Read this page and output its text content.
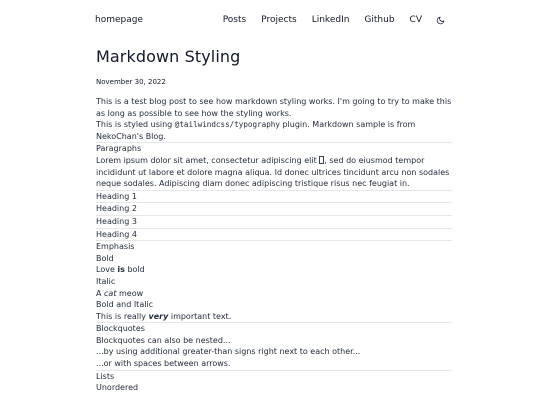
homepage	Posts Projects LinkedIn Github CV
Markdown Styling
November 30, 2022
This is a test blog post to see how markdown styling works. I'm going to try to make this as long as possible to see how the styling works.
This is styled using @tailwindcss/typography plugin. Markdown sample is from NekoChan's Blog.
Paragraphs
Lorem ipsum dolor sit amet, consectetur adipiscing elit , sed do eiusmod tempor incididunt ut labore et dolore magna aliqua. Id donec ultrices tincidunt arcu non sodales neque sodales. Adipiscing diam donec adipiscing tristique risus nec feugiat in.
Heading 1
Heading 2
Heading 3
Heading 4
Emphasis
Bold
Love is bold
Italic
A cat meow
Bold and Italic
This is really very important text.
Blockquotes
Blockquotes can also be nested...
...by using additional greater-than signs right next to each other...
...or with spaces between arrows.
Lists
Unordered
